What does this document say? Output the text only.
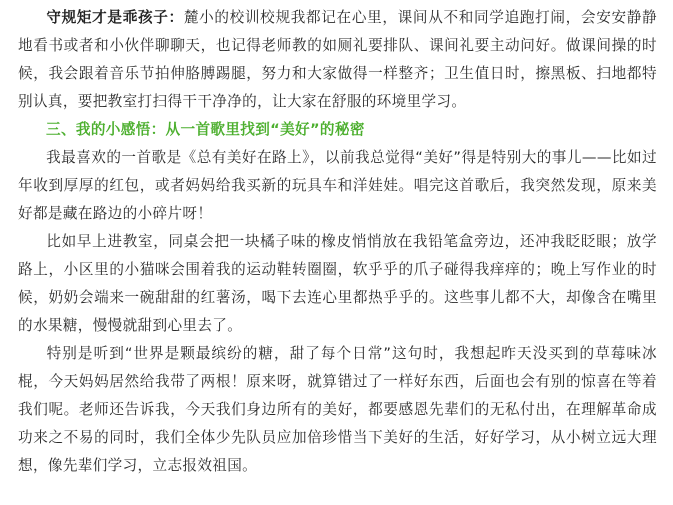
守规矩才是乖孩子：麓小的校训校规我都记在心里，课间从不和同学追跑打闹，会安安静静地看书或者和小伙伴聊聊天，也记得老师教的如厕礼要排队、课间礼要主动问好。做课间操的时候，我会跟着音乐节拍伸胳膊踢腿，努力和大家做得一样整齐；卫生值日时，擦黑板、扫地都特别认真，要把教室打扫得干干净净的，让大家在舒服的环境里学习。

三、我的小感悟：从一首歌里找到“美好”的秘密

我最喜欢的一首歌是《总有美好在路上》，以前我总觉得“美好”得是特别大的事儿——比如过年收到厚厚的红包，或者妈妈给我买新的玩具车和洋娃娃。唱完这首歌后，我突然发现，原来美好都是藏在路边的小碎片呀！

比如早上进教室，同桌会把一块橘子味的橡皮悄悄放在我铅笔盒旁边，还冲我眨眨眼；放学路上，小区里的小猫咪会围着我的运动鞋转圈圈，软乎乎的爪子碰得我痒痒的；晚上写作业的时候，奶奶会端来一碗甜甜的红薯汤，喝下去连心里都热乎乎的。这些事儿都不大，却像含在嘴里的水果糖，慢慢就甜到心里去了。

特别是听到“世界是颗最缤纷的糖，甜了每个日常”这句时，我想起昨天没买到的草莓味冰棍，今天妈妈居然给我带了两根！原来呀，就算错过了一样好东西，后面也会有别的惊喜在等着我们呢。老师还告诉我，今天我们身边所有的美好，都要感恩先辈们的无私付出，在理解革命成功来之不易的同时，我们全体少先队员应加倍珍惜当下美好的生活，好好学习，从小树立远大理想，像先辈们学习，立志报效祖国。
